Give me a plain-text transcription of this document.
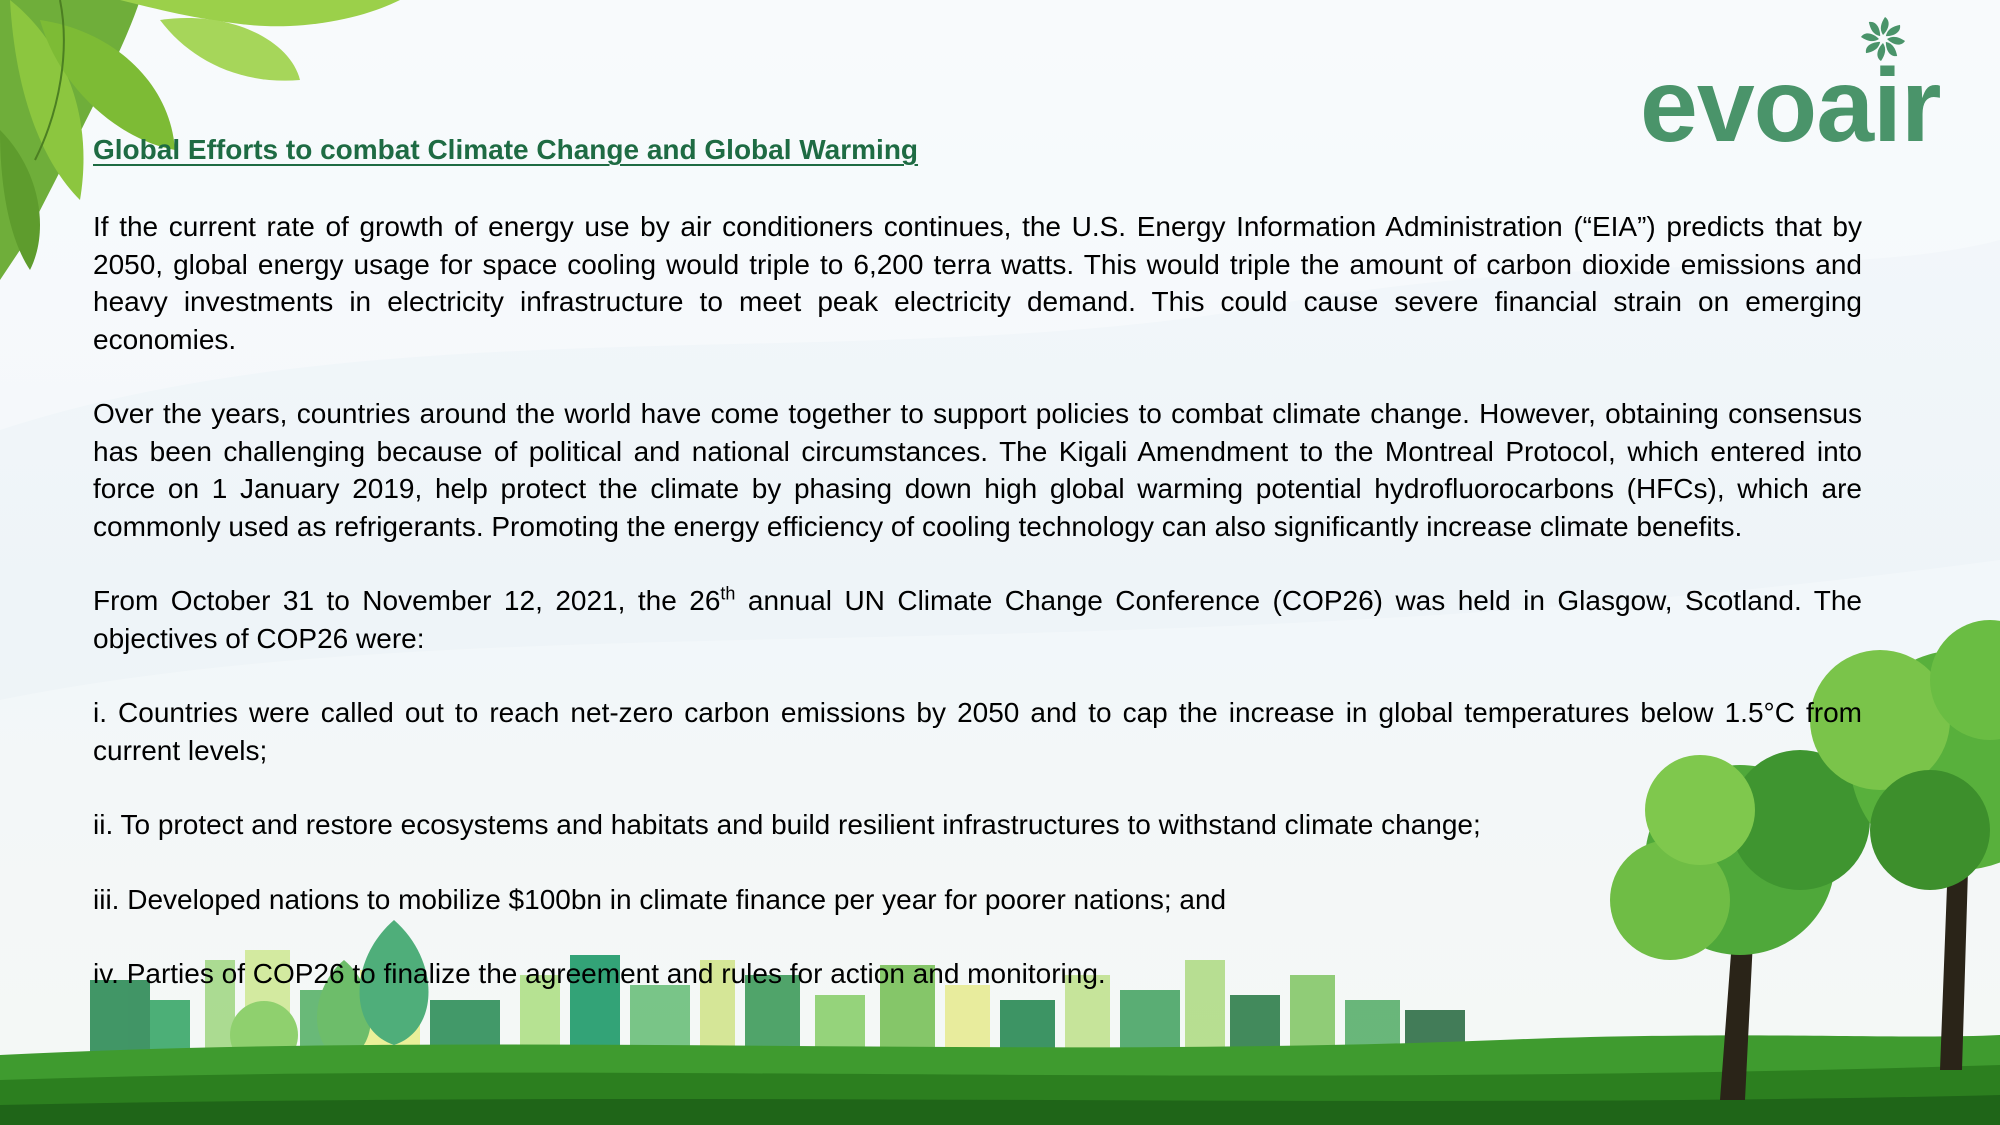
evoair
Global Efforts to combat Climate Change and Global Warming

If the current rate of growth of energy use by air conditioners continues, the U.S. Energy Information Administration (“EIA”) predicts that by 2050, global energy usage for space cooling would triple to 6,200 terra watts. This would triple the amount of carbon dioxide emissions and heavy investments in electricity infrastructure to meet peak electricity demand. This could cause severe financial strain on emerging economies.

Over the years, countries around the world have come together to support policies to combat climate change. However, obtaining consensus has been challenging because of political and national circumstances. The Kigali Amendment to the Montreal Protocol, which entered into force on 1 January 2019, help protect the climate by phasing down high global warming potential hydrofluorocarbons (HFCs), which are commonly used as refrigerants. Promoting the energy efficiency of cooling technology can also significantly increase climate benefits.

From October 31 to November 12, 2021, the 26th annual UN Climate Change Conference (COP26) was held in Glasgow, Scotland. The objectives of COP26 were:

i. Countries were called out to reach net-zero carbon emissions by 2050 and to cap the increase in global temperatures below 1.5°C from current levels;

ii. To protect and restore ecosystems and habitats and build resilient infrastructures to withstand climate change;

iii. Developed nations to mobilize $100bn in climate finance per year for poorer nations; and

iv. Parties of COP26 to finalize the agreement and rules for action and monitoring.
